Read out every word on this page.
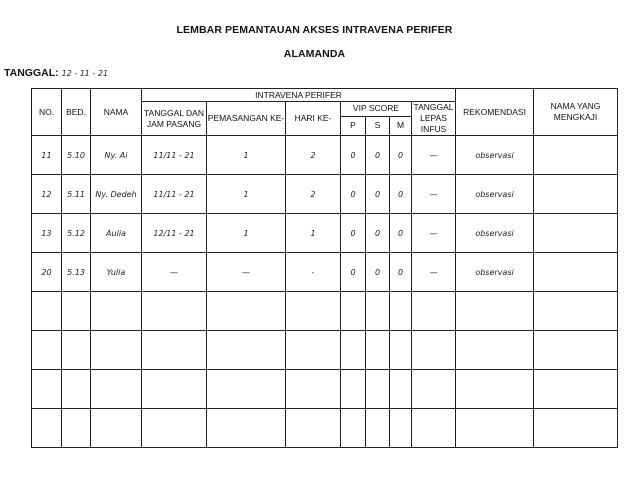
LEMBAR PEMANTAUAN AKSES INTRAVENA PERIFER
ALAMANDA
TANGGAL: 12 - 11 - 21
NO.	BED.	NAMA	INTRAVENA PERIFER							REKOMENDASI	NAMA YANG MENGKAJI
			TANGGAL DAN JAM PASANG	PEMASANGAN KE-	HARI KE-	VIP SCORE			TANGGAL LEPAS INFUS		
						P	S	M			
11	5.10	Ny. Ai	11/11 - 21	1	2	0	0	0	—	observasi	
12	5.11	Ny. Dedeh	11/11 - 21	1	2	0	0	0	—	observasi	
13	5.12	Aulia	12/11 - 21	1	1	0	0	0	—	observasi	
20	5.13	Yulia	—	—	-	0	0	0	—	observasi	
